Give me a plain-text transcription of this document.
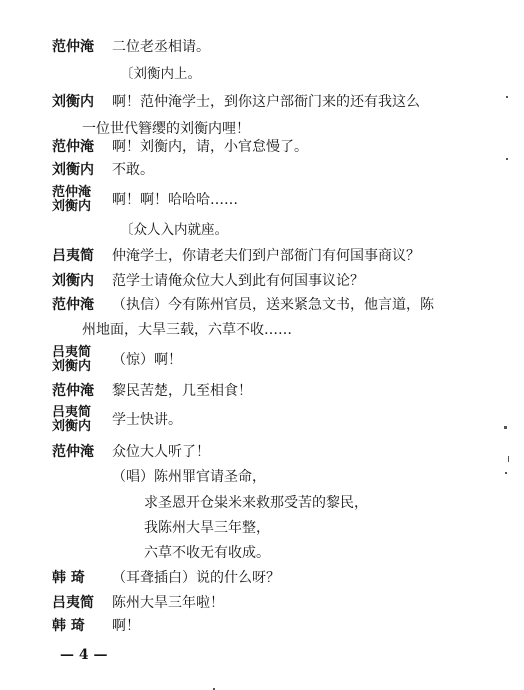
范仲淹 二位老丞相请。
〔刘衡内上。
刘衡内 啊！范仲淹学士，到你这户部衙门来的还有我这么
一位世代簪缨的刘衡内哩！
范仲淹 啊！刘衡内，请，小官怠慢了。
刘衡内 不敢。
范仲淹
刘衡内 啊！啊！哈哈哈……
〔众人入内就座。
吕夷简 仲淹学士，你请老夫们到户部衙门有何国事商议？
刘衡内 范学士请俺众位大人到此有何国事议论？
范仲淹 （执信）今有陈州官员，送来紧急文书，他言道，陈
州地面，大旱三载，六草不收……
吕夷简
刘衡内 （惊）啊！
范仲淹 黎民苦楚，几至相食！
吕夷简
刘衡内 学士快讲。
范仲淹 众位大人听了！
（唱）陈州罪官请圣命，
求圣恩开仓粜米来救那受苦的黎民，
我陈州大旱三年整，
六草不收无有收成。
韩 琦 （耳聋插白）说的什么呀？
吕夷简 陈州大旱三年啦！
韩 琦 啊！
— 4 —
